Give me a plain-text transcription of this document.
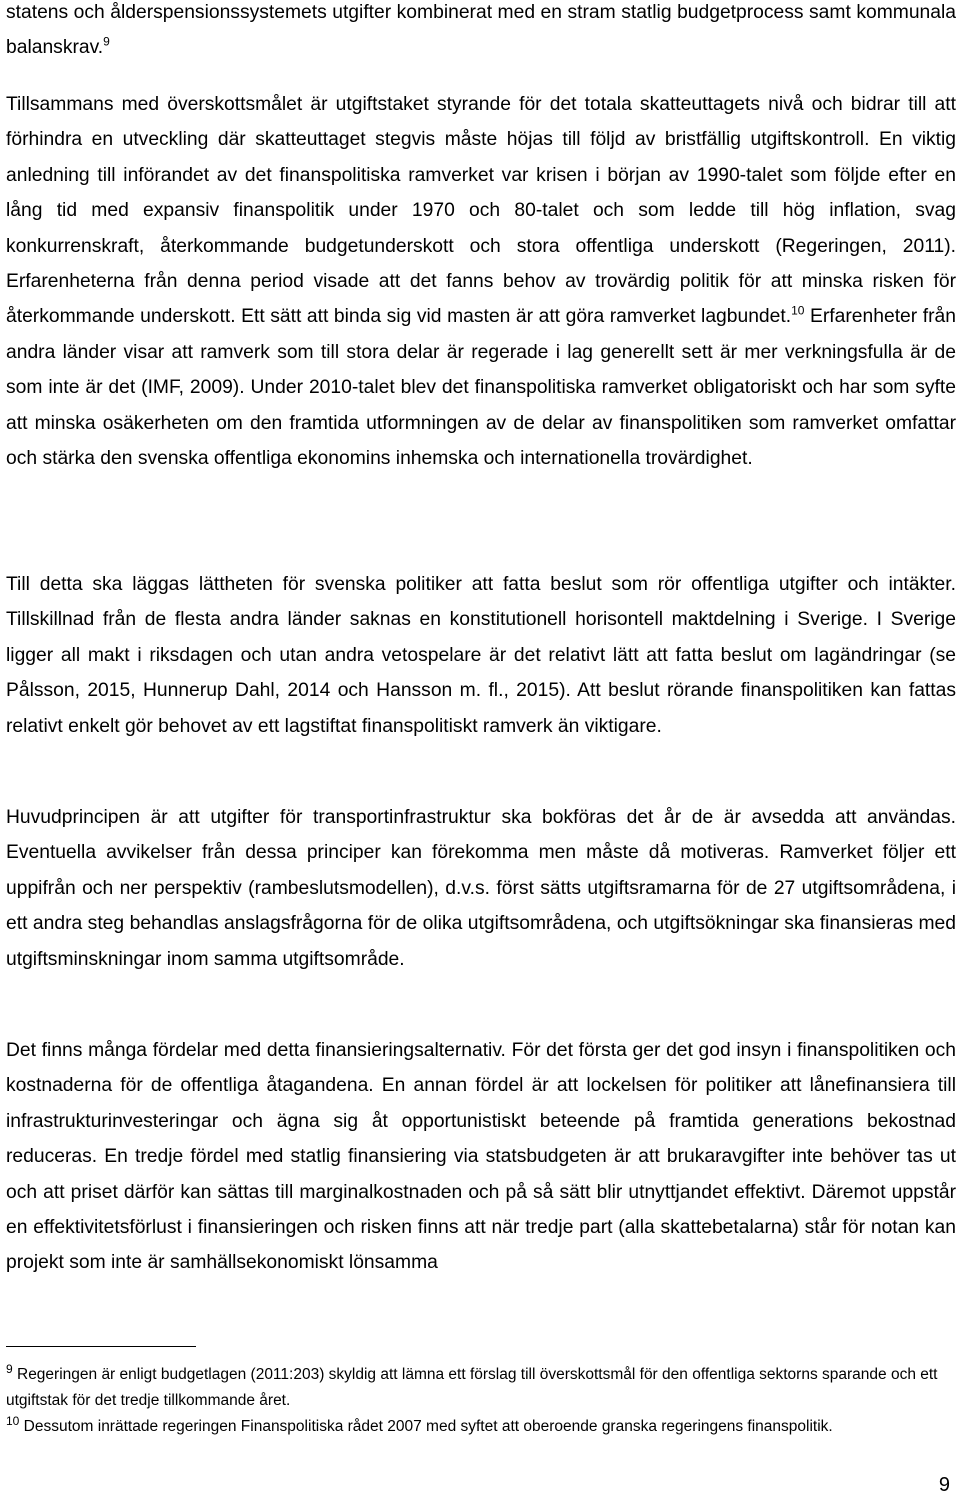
statens och ålderspensionssystemets utgifter kombinerat med en stram statlig budgetprocess samt kommunala balanskrav.$^9$

Tillsammans med överskottsmålet är utgiftstaket styrande för det totala skatteuttagets nivå och bidrar till att förhindra en utveckling där skatteuttaget stegvis måste höjas till följd av bristfällig utgiftskontroll. En viktig anledning till införandet av det finanspolitiska ramverket var krisen i början av 1990-talet som följde efter en lång tid med expansiv finanspolitik under 1970 och 80-talet och som ledde till hög inflation, svag konkurrenskraft, återkommande budgetunderskott och stora offentliga underskott (Regeringen, 2011). Erfarenheterna från denna period visade att det fanns behov av trovärdig politik för att minska risken för återkommande underskott. Ett sätt att binda sig vid masten är att göra ramverket lagbundet.$^{10}$ Erfarenheter från andra länder visar att ramverk som till stora delar är regerade i lag generellt sett är mer verkningsfulla är de som inte är det (IMF, 2009). Under 2010-talet blev det finanspolitiska ramverket obligatoriskt och har som syfte att minska osäkerheten om den framtida utformningen av de delar av finanspolitiken som ramverket omfattar och stärka den svenska offentliga ekonomins inhemska och internationella trovärdighet.

Till detta ska läggas lättheten för svenska politiker att fatta beslut som rör offentliga utgifter och intäkter. Tillskillnad från de flesta andra länder saknas en konstitutionell horisontell maktdelning i Sverige. I Sverige ligger all makt i riksdagen och utan andra vetospelare är det relativt lätt att fatta beslut om lagändringar (se Pålsson, 2015, Hunnerup Dahl, 2014 och Hansson m. fl., 2015). Att beslut rörande finanspolitiken kan fattas relativt enkelt gör behovet av ett lagstiftat finanspolitiskt ramverk än viktigare.

Huvudprincipen är att utgifter för transportinfrastruktur ska bokföras det år de är avsedda att användas. Eventuella avvikelser från dessa principer kan förekomma men måste då motiveras. Ramverket följer ett uppifrån och ner perspektiv (rambeslutsmodellen), d.v.s. först sätts utgiftsramarna för de 27 utgiftsområdena, i ett andra steg behandlas anslagsfrågorna för de olika utgiftsområdena, och utgiftsökningar ska finansieras med utgiftsminskningar inom samma utgiftsområde.

Det finns många fördelar med detta finansieringsalternativ. För det första ger det god insyn i finanspolitiken och kostnaderna för de offentliga åtagandena. En annan fördel är att lockelsen för politiker att lånefinansiera till infrastrukturinvesteringar och ägna sig åt opportunistiskt beteende på framtida generations bekostnad reduceras. En tredje fördel med statlig finansiering via statsbudgeten är att brukaravgifter inte behöver tas ut och att priset därför kan sättas till marginalkostnaden och på så sätt blir utnyttjandet effektivt. Däremot uppstår en effektivitetsförlust i finansieringen och risken finns att när tredje part (alla skattebetalarna) står för notan kan projekt som inte är samhällsekonomiskt lönsamma

$^9$ Regeringen är enligt budgetlagen (2011:203) skyldig att lämna ett förslag till överskottsmål för den offentliga sektorns sparande och ett utgiftstak för det tredje tillkommande året.

$^{10}$ Dessutom inrättade regeringen Finanspolitiska rådet 2007 med syftet att oberoende granska regeringens finanspolitik.

9
